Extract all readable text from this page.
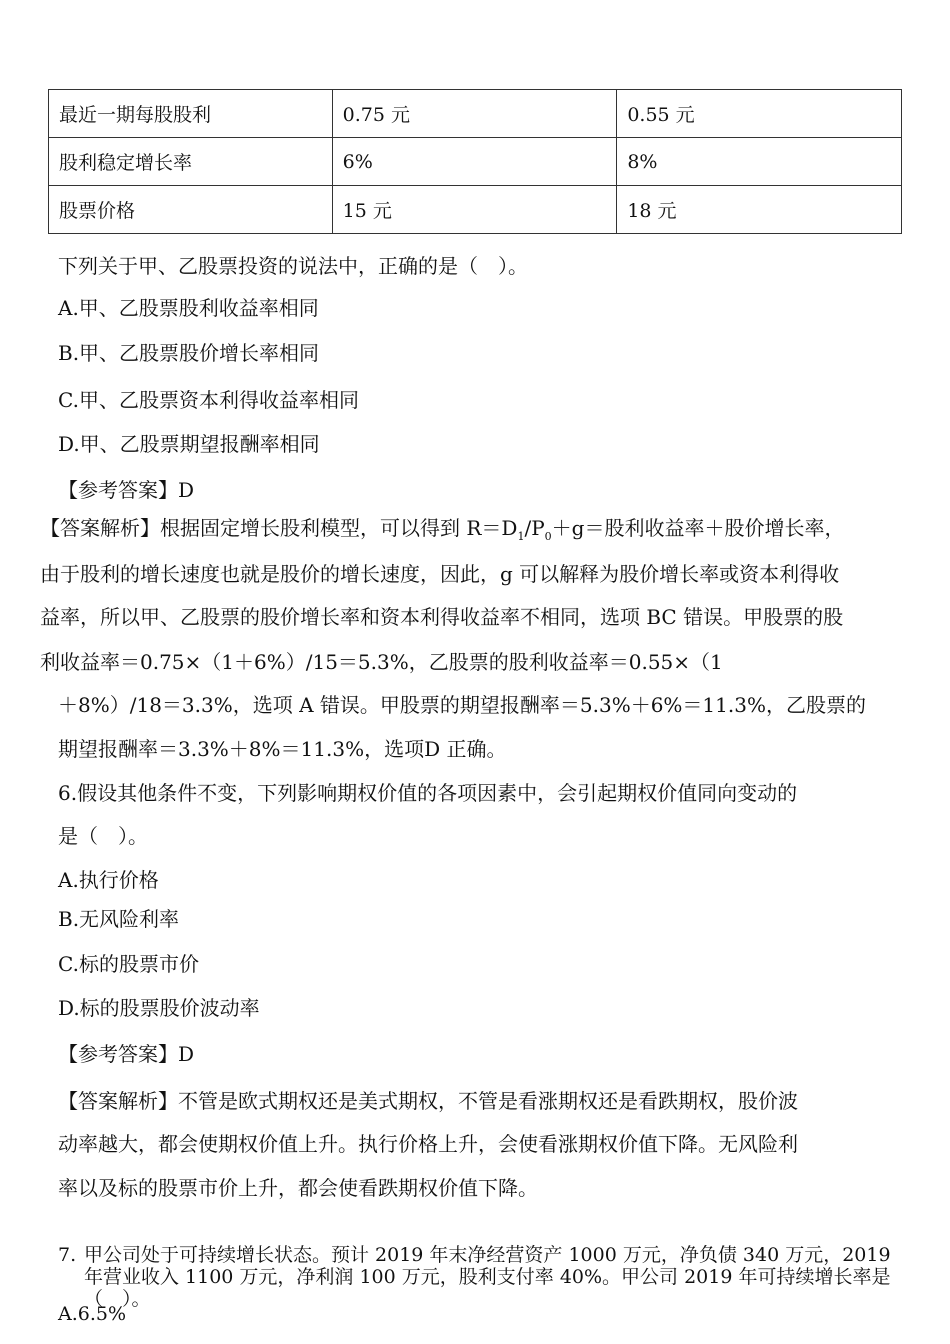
最近一期每股股利	0.75 元	0.55 元
股利稳定增长率	6%	8%
股票价格	15 元	18 元
下列关于甲、乙股票投资的说法中，正确的是（　）。
A.甲、乙股票股利收益率相同
B.甲、乙股票股价增长率相同
C.甲、乙股票资本利得收益率相同
D.甲、乙股票期望报酬率相同
【参考答案】D
【答案解析】根据固定增长股利模型，可以得到 $R=D_1/P_0+g=$股利收益率＋股价增长率，
由于股利的增长速度也就是股价的增长速度，因此，g 可以解释为股价增长率或资本利得收
益率，所以甲、乙股票的股价增长率和资本利得收益率不相同，选项 BC 错误。甲股票的股
利收益率＝0.75×（1＋6%）/15＝5.3%，乙股票的股利收益率＝0.55×（1
＋8%）/18＝3.3%，选项 A 错误。甲股票的期望报酬率＝5.3%＋6%＝11.3%，乙股票的
期望报酬率＝3.3%＋8%＝11.3%，选项D 正确。
6.假设其他条件不变，下列影响期权价值的各项因素中，会引起期权价值同向变动的
是（　）。
A.执行价格
B.无风险利率
C.标的股票市价
D.标的股票股价波动率
【参考答案】D
【答案解析】不管是欧式期权还是美式期权，不管是看涨期权还是看跌期权，股价波
动率越大，都会使期权价值上升。执行价格上升，会使看涨期权价值下降。无风险利
率以及标的股票市价上升，都会使看跌期权价值下降。
7. 甲公司处于可持续增长状态。预计 2019 年末净经营资产 1000 万元，净负债 340 万元，2019 年营业收入 1100 万元，净利润 100 万元，股利支付率 40%。甲公司 2019 年可持续增长率是（　）。
A.6.5%
